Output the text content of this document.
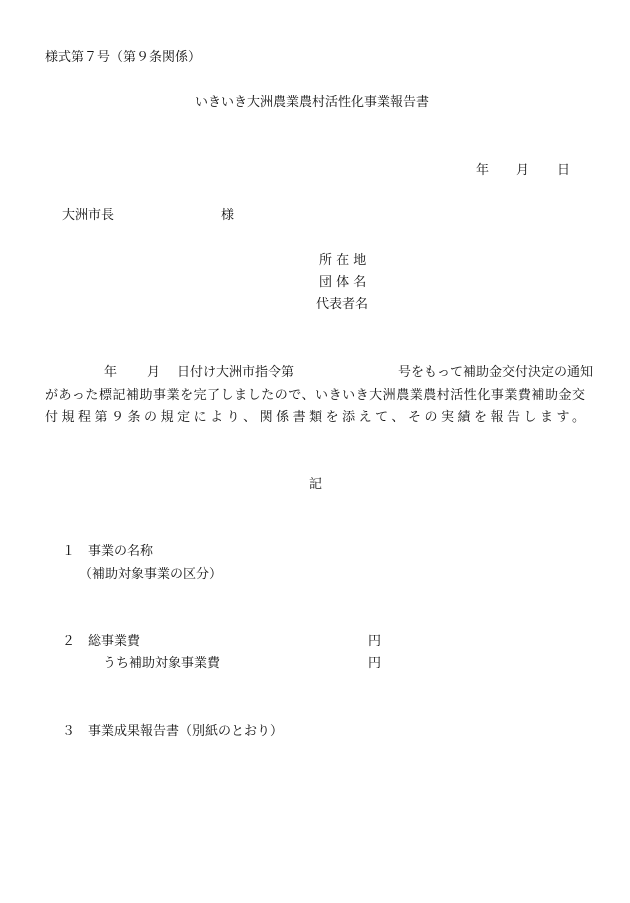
様式第７号（第９条関係）
いきいき大洲農業農村活性化事業報告書
年 月 日
大洲市長	様
所 在 地
団 体 名
代表者名
年 月 日付け大洲市指令第	号をもって補助金交付決定の通知
があった標記補助事業を完了しましたので、いきいき大洲農業農村活性化事業費補助金交
付規程第９条の規定により、関係書類を添えて、その実績を報告します。
記
１ 事業の名称
（補助対象事業の区分）
２ 総事業費	円
うち補助対象事業費	円
３ 事業成果報告書（別紙のとおり）
